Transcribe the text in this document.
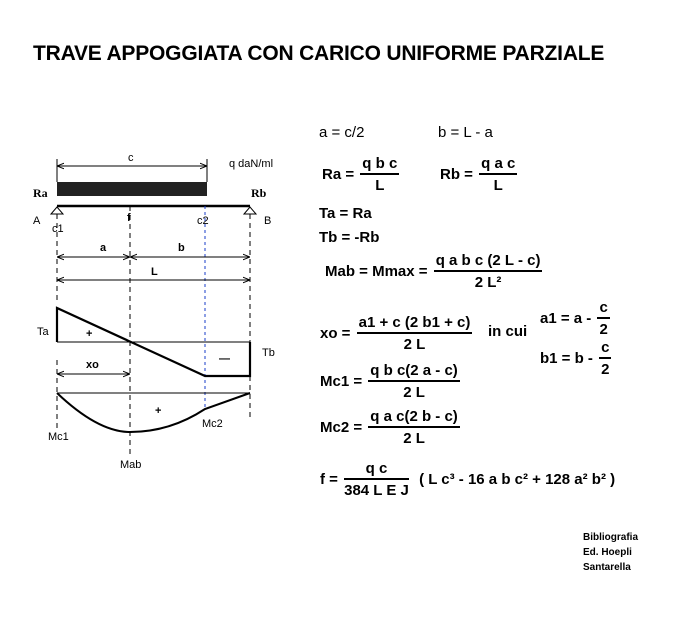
TRAVE APPOGGIATA CON CARICO UNIFORME PARZIALE
c	q daN/ml
Ra	Rb
A	B
c1
f	c2
a	b
L
Ta
Tb
+
—
xo
+
Mc1
Mc2
Mab
a = c/2	b = L - a
$Ra = \frac{\text{q b c}}{L}$	$Rb = \frac{\text{q a c}}{L}$
Ta = Ra
Tb = -Rb
Mab = $Mmax = \frac{\text{q a b c (2 L - c)}}{\text{2 L²}}$
xo = $\frac{a1 + c (2 b1 + c)}{2 L}$ in cui
$a1 = a - \frac{c}{2}$
$b1 = b - \frac{c}{2}$
$Mc1 = \frac{\text{q b c(2 a - c)}}{2 L}$
$Mc2 = \frac{\text{q a c(2 b - c)}}{2 L}$
$f = \frac{\text{q c}}{\text{384 L E J}}$ ( L c³ - 16 a b c² + 128 a² b² )
Bibliografia
Ed. Hoepli
Santarella
